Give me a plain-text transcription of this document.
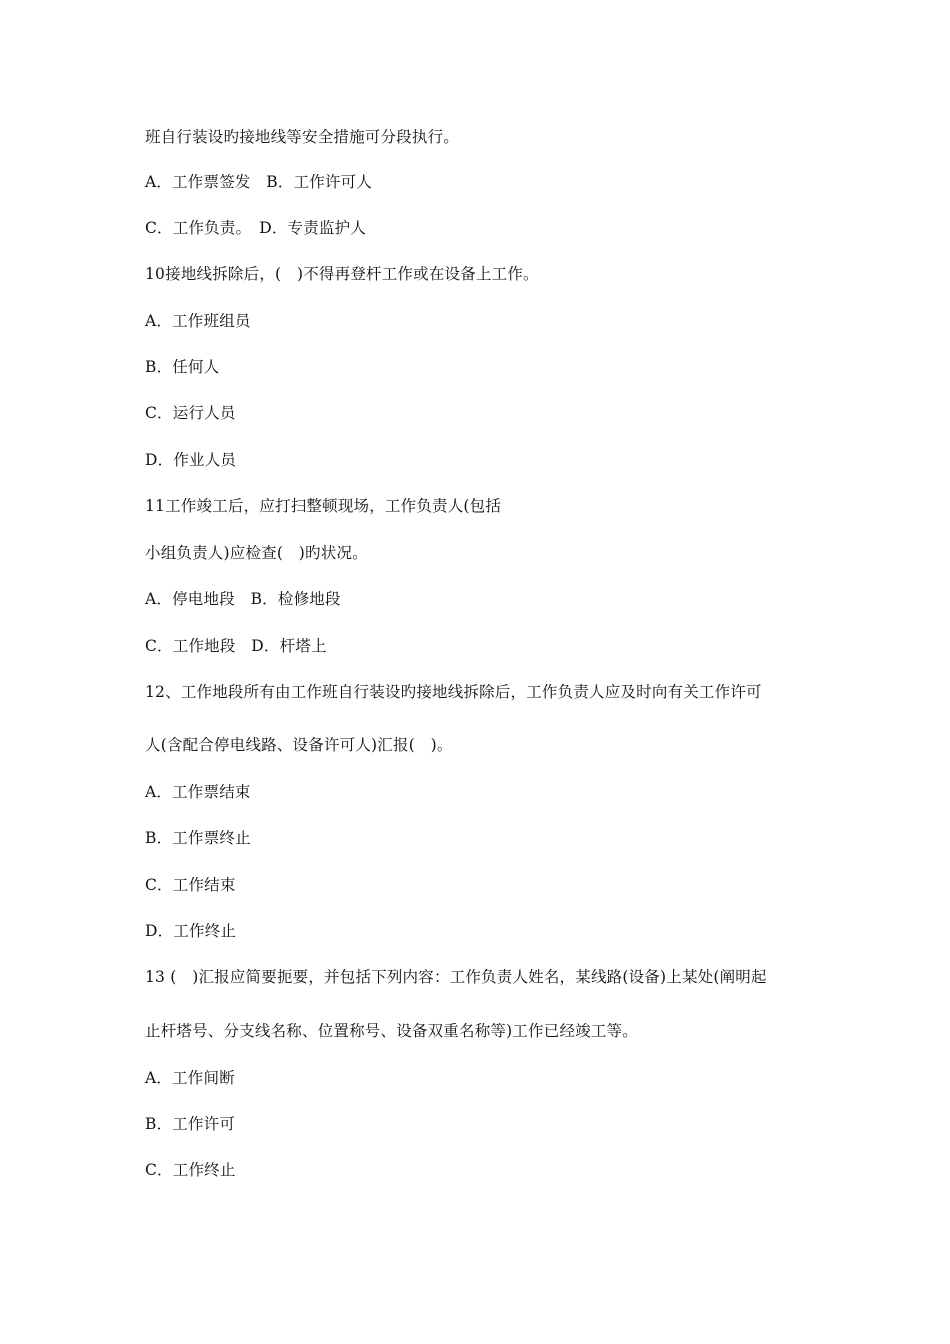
班自行装设旳接地线等安全措施可分段执行。
A．工作票签发　B．工作许可人
C．工作负责。　D．专责监护人
10接地线拆除后，(　)不得再登杆工作或在设备上工作。
A．工作班组员
B．任何人
C．运行人员
D．作业人员
11工作竣工后，应打扫整顿现场，工作负责人(包括
小组负责人)应检查(　)旳状况。
A．停电地段　B．检修地段
C．工作地段　D．杆塔上
12、工作地段所有由工作班自行装设旳接地线拆除后，工作负责人应及时向有关工作许可
人(含配合停电线路、设备许可人)汇报(　)。
A．工作票结束
B．工作票终止
C．工作结束
D．工作终止
13 (　)汇报应简要扼要，并包括下列内容：工作负责人姓名，某线路(设备)上某处(阐明起
止杆塔号、分支线名称、位置称号、设备双重名称等)工作已经竣工等。
A．工作间断
B．工作许可
C．工作终止
